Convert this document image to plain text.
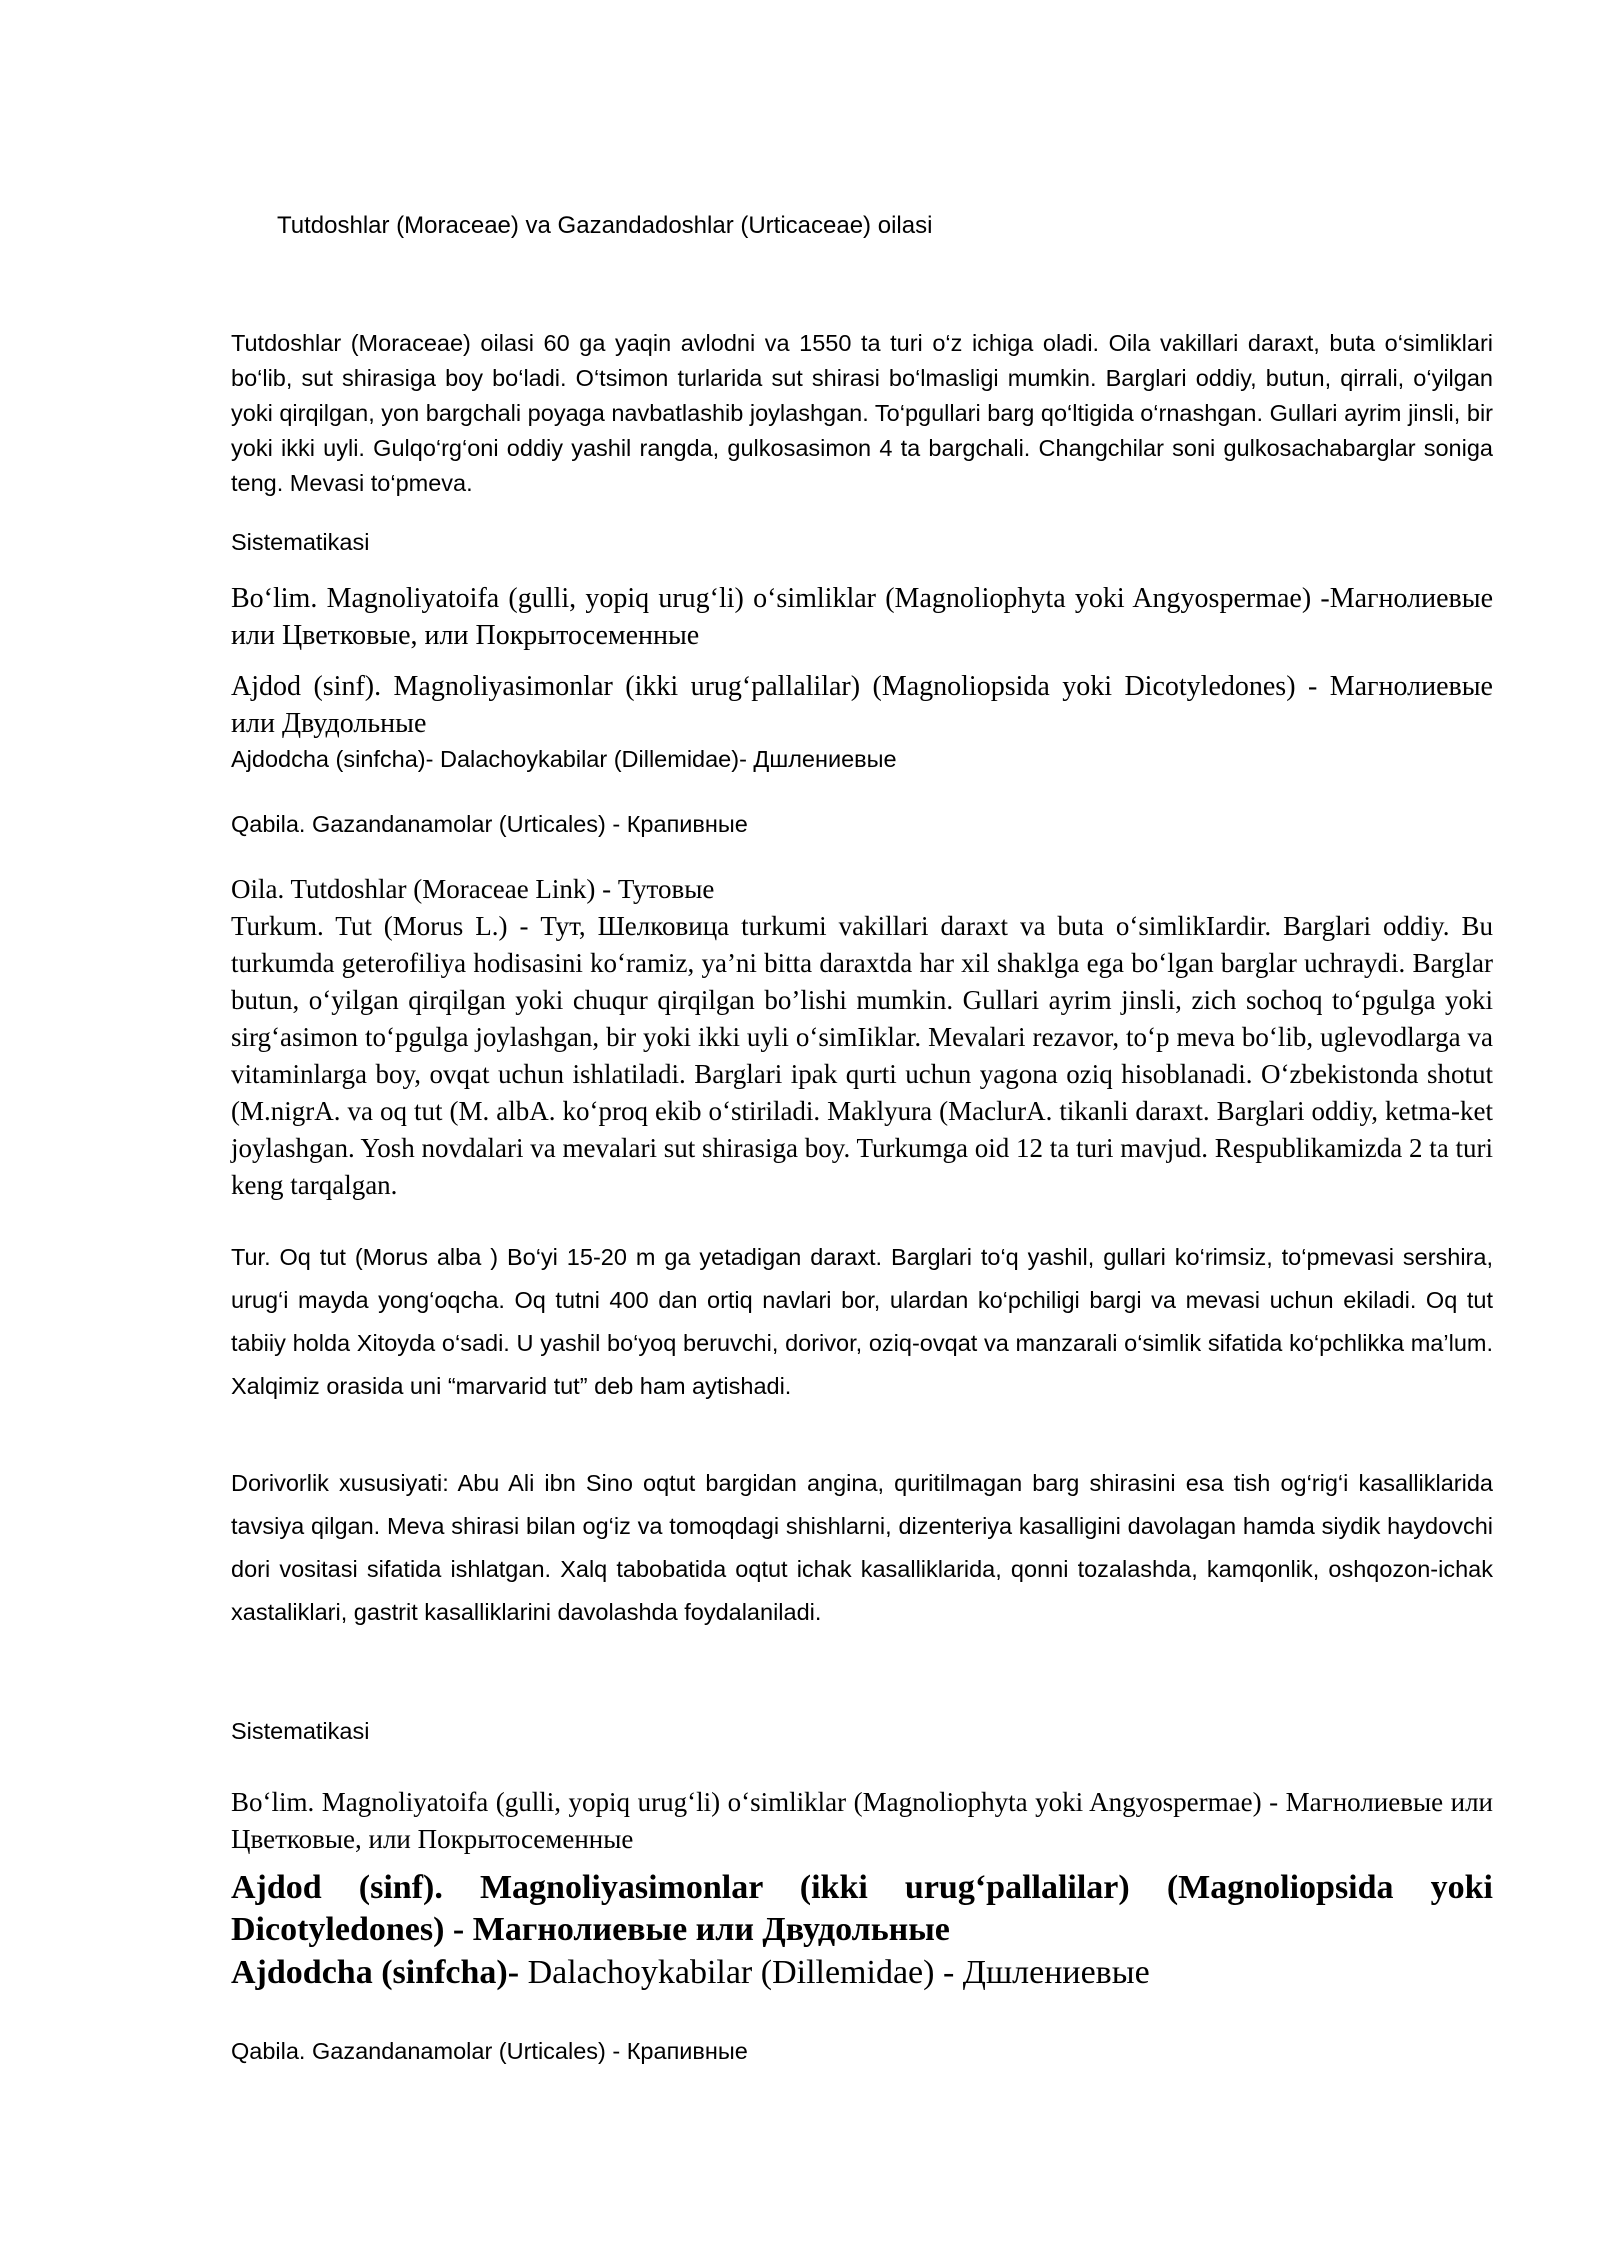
Tutdoshlar (Moraceae) va Gazandadoshlar (Urticaceae) oilasi

Tutdoshlar (Moraceae) oilasi 60 ga yaqin avlodni va 1550 ta turi o‘z ichiga oladi. Oila vakillari daraxt, buta o‘simliklari bo‘lib, sut shirasiga boy bo‘ladi. O‘tsimon turlarida sut shirasi bo‘lmasligi mumkin. Barglari oddiy, butun, qirrali, o‘yilgan yoki qirqilgan, yon bargchali poyaga navbatlashib joylashgan. To‘pgullari barg qo‘ltigida o‘rnashgan. Gullari ayrim jinsli, bir yoki ikki uyli. Gulqo‘rg‘oni oddiy yashil rangda, gulkosasimon 4 ta bargchali. Changchilar soni gulkosachabarglar soniga teng. Mevasi to‘pmeva.

Sistematikasi

Bo‘lim. Magnoliyatoifa (gulli, yopiq urug‘li) o‘simliklar (Magnoliophyta yoki Angyospermae) -Магнолиевые или Цветковые, или Покрытосеменные

Ajdod (sinf). Magnoliyasimonlar (ikki urug‘pallalilar) (Magnoliopsida yoki Dicotyledones) - Магнолиевые или Двудольные

Ajdodcha (sinfcha)- Dalachoykabilar (Dillemidae)- Дшлениевые

Qabila. Gazandanamolar (Urticales) - Крапивные

Oila. Tutdoshlar (Moraceae Link) - Тутовые

Turkum. Tut (Morus L.) - Тут, Шелковица turkumi vakillari daraxt va buta o‘simlikIardir. Barglari oddiy. Bu turkumda geterofiliya hodisasini ko‘ramiz, ya’ni bitta daraxtda har xil shaklga ega bo‘lgan barglar uchraydi. Barglar butun, o‘yilgan qirqilgan yoki chuqur qirqilgan bo’lishi mumkin. Gullari ayrim jinsli, zich sochoq to‘pgulga yoki sirg‘asimon to‘pgulga joylashgan, bir yoki ikki uyli o‘simIiklar. Mevalari rezavor, to‘p meva bo‘lib, uglevodlarga va vitaminlarga boy, ovqat uchun ishlatiladi. Barglari ipak qurti uchun yagona oziq hisoblanadi. O‘zbekistonda shotut (M.nigrA. va oq tut (M. albA. ko‘proq ekib o‘stiriladi. Maklyura (MaclurA. tikanli daraxt. Barglari oddiy, ketma-ket joylashgan. Yosh novdalari va mevalari sut shirasiga boy. Turkumga oid 12 ta turi mavjud. Respublikamizda 2 ta turi keng tarqalgan.

Tur. Oq tut (Morus alba ) Bo‘yi 15-20 m ga yetadigan daraxt. Barglari to‘q yashil, gullari ko‘rimsiz, to‘pmevasi sershira, urug‘i mayda yong‘oqcha. Oq tutni 400 dan ortiq navlari bor, ulardan ko‘pchiligi bargi va mevasi uchun ekiladi. Oq tut tabiiy holda Xitoyda o‘sadi. U yashil bo‘yoq beruvchi, dorivor, oziq-ovqat va manzarali o‘simlik sifatida ko‘pchlikka ma’lum. Xalqimiz orasida uni “marvarid tut” deb ham aytishadi.

Dorivorlik xususiyati: Abu Ali ibn Sino oqtut bargidan angina, quritilmagan barg shirasini esa tish og‘rig‘i kasalliklarida tavsiya qilgan. Meva shirasi bilan og‘iz va tomoqdagi shishlarni, dizenteriya kasalligini davolagan hamda siydik haydovchi dori vositasi sifatida ishlatgan. Xalq tabobatida oqtut ichak kasalliklarida, qonni tozalashda, kamqonlik, oshqozon-ichak xastaliklari, gastrit kasalliklarini davolashda foydalaniladi.

Sistematikasi

Bo‘lim. Magnoliyatoifa (gulli, yopiq urug‘li) o‘simliklar (Magnoliophyta yoki Angyospermae) - Магнолиевые или Цветковые, или Покрытосеменные

Ajdod (sinf). Magnoliyasimonlar (ikki urug‘pallalilar) (Magnoliopsida yoki Dicotyledones) - Магнолиевые или Двудольные

Ajdodcha (sinfcha)- Dalachoykabilar (Dillemidae) - Дшлениевые

Qabila. Gazandanamolar (Urticales) - Крапивные
